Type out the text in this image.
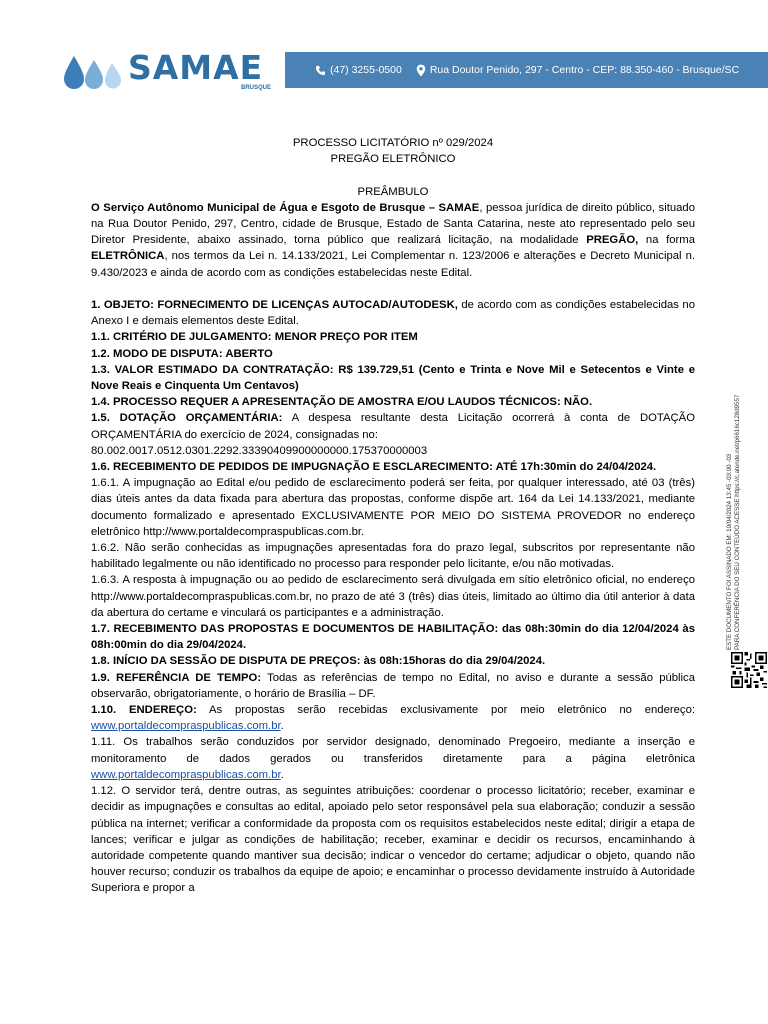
SAMAE
BRUSQUE
(47) 3255-0500	Rua Doutor Penido, 297 - Centro - CEP: 88.350-460 - Brusque/SC

PROCESSO LICITATÓRIO nº 029/2024

PREGÃO ELETRÔNICO

PREÂMBULO

O Serviço Autônomo Municipal de Água e Esgoto de Brusque – SAMAE, pessoa jurídica de direito público, situado na Rua Doutor Penido, 297, Centro, cidade de Brusque, Estado de Santa Catarina, neste ato representado pelo seu Diretor Presidente, abaixo assinado, torna público que realizará licitação, na modalidade PREGÃO, na forma ELETRÔNICA, nos termos da Lei n. 14.133/2021, Lei Complementar n. 123/2006 e alterações e Decreto Municipal n. 9.430/2023 e ainda de acordo com as condições estabelecidas neste Edital.

1. OBJETO: FORNECIMENTO DE LICENÇAS AUTOCAD/AUTODESK, de acordo com as condições estabelecidas no Anexo I e demais elementos deste Edital.

1.1. CRITÉRIO DE JULGAMENTO: MENOR PREÇO POR ITEM

1.2. MODO DE DISPUTA: ABERTO

1.3. VALOR ESTIMADO DA CONTRATAÇÃO: R$ 139.729,51 (Cento e Trinta e Nove Mil e Setecentos e Vinte e Nove Reais e Cinquenta Um Centavos)

1.4. PROCESSO REQUER A APRESENTAÇÃO DE AMOSTRA E/OU LAUDOS TÉCNICOS: NÃO.

1.5. DOTAÇÃO ORÇAMENTÁRIA: A despesa resultante desta Licitação ocorrerá à conta de DOTAÇÃO ORÇAMENTÁRIA do exercício de 2024, consignadas no:

80.002.0017.0512.0301.2292.33390409900000000.175370000003

1.6. RECEBIMENTO DE PEDIDOS DE IMPUGNAÇÃO E ESCLARECIMENTO: ATÉ 17h:30min do 24/04/2024.

1.6.1. A impugnação ao Edital e/ou pedido de esclarecimento poderá ser feita, por qualquer interessado, até 03 (três) dias úteis antes da data fixada para abertura das propostas, conforme dispõe art. 164 da Lei 14.133/2021, mediante documento formalizado e apresentado EXCLUSIVAMENTE POR MEIO DO SISTEMA PROVEDOR no endereço eletrônico http://www.portaldecompraspublicas.com.br.

1.6.2. Não serão conhecidas as impugnações apresentadas fora do prazo legal, subscritos por representante não habilitado legalmente ou não identificado no processo para responder pelo licitante, e/ou não motivadas.

1.6.3. A resposta à impugnação ou ao pedido de esclarecimento será divulgada em sítio eletrônico oficial, no endereço http://www.portaldecompraspublicas.com.br, no prazo de até 3 (três) dias úteis, limitado ao último dia útil anterior à data da abertura do certame e vinculará os participantes e a administração.

1.7. RECEBIMENTO DAS PROPOSTAS E DOCUMENTOS DE HABILITAÇÃO: das 08h:30min do dia 12/04/2024 às 08h:00min do dia 29/04/2024.

1.8. INÍCIO DA SESSÃO DE DISPUTA DE PREÇOS: às 08h:15horas do dia 29/04/2024.

1.9. REFERÊNCIA DE TEMPO: Todas as referências de tempo no Edital, no aviso e durante a sessão pública observarão, obrigatoriamente, o horário de Brasília – DF.

1.10. ENDEREÇO: As propostas serão recebidas exclusivamente por meio eletrônico no endereço: www.portaldecompraspublicas.com.br.

1.11. Os trabalhos serão conduzidos por servidor designado, denominado Pregoeiro, mediante a inserção e monitoramento de dados gerados ou transferidos diretamente para a página eletrônica www.portaldecompraspublicas.com.br.

1.12. O servidor terá, dentre outras, as seguintes atribuições: coordenar o processo licitatório; receber, examinar e decidir as impugnações e consultas ao edital, apoiado pelo setor responsável pela sua elaboração; conduzir a sessão pública na internet; verificar a conformidade da proposta com os requisitos estabelecidos neste edital; dirigir a etapa de lances; verificar e julgar as condições de habilitação; receber, examinar e decidir os recursos, encaminhando à autoridade competente quando mantiver sua decisão; indicar o vencedor do certame; adjudicar o objeto, quando não houver recurso; conduzir os trabalhos da equipe de apoio; e encaminhar o processo devidamente instruído à Autoridade Superiora e propor a

ESTE DOCUMENTO FOI ASSINADO EM: 10/04/2024 13:45 -03:00 -03 PARA CONFERÊNCIA DO SEU CONTEÚDO ACESSE https://c.atende.net/p6616c128d9557
